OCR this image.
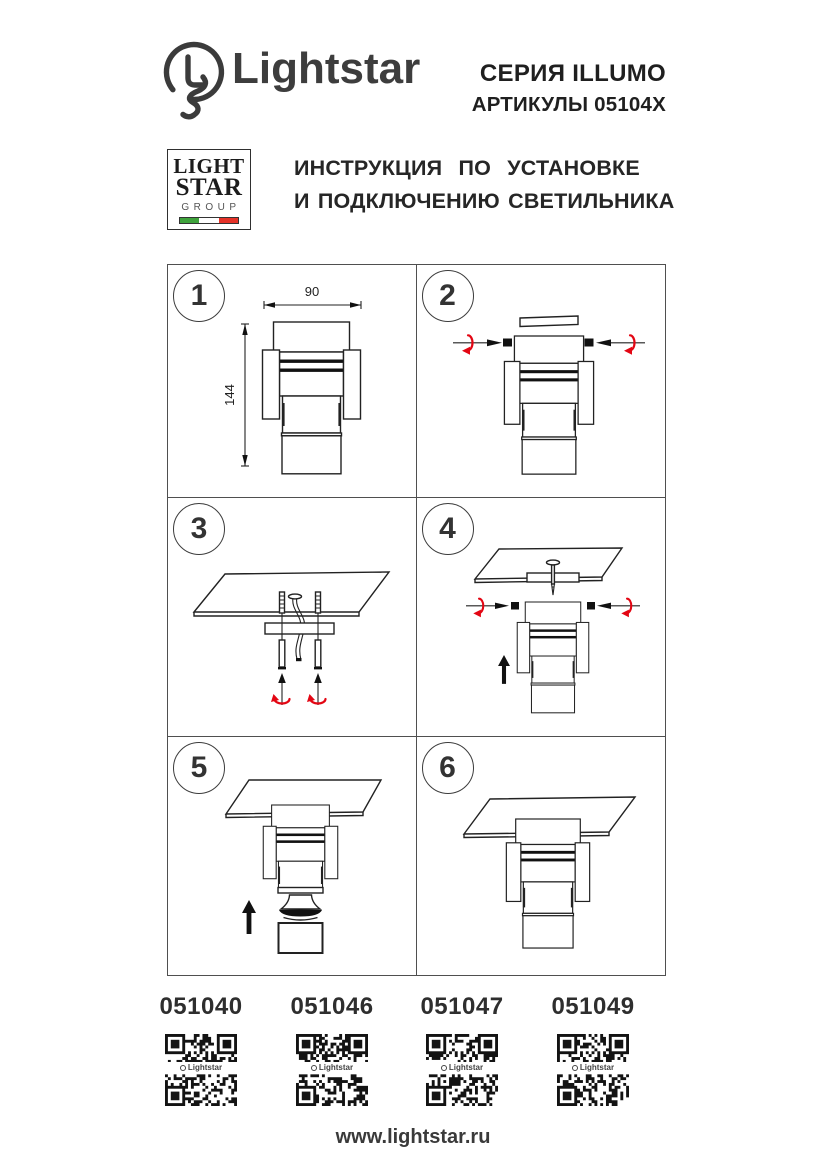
Lightstar	СЕРИЯ ILLUMO
АРТИКУЛЫ 05104X
LIGHT
STAR
GROUP
ИНСТРУКЦИЯ ПО УСТАНОВКЕ
И ПОДКЛЮЧЕНИЮ СВЕТИЛЬНИКА
1	90
144
2
3	4
5	6
051040
Lightstar
051046
Lightstar
051047
Lightstar
051049
Lightstar
www.lightstar.ru
